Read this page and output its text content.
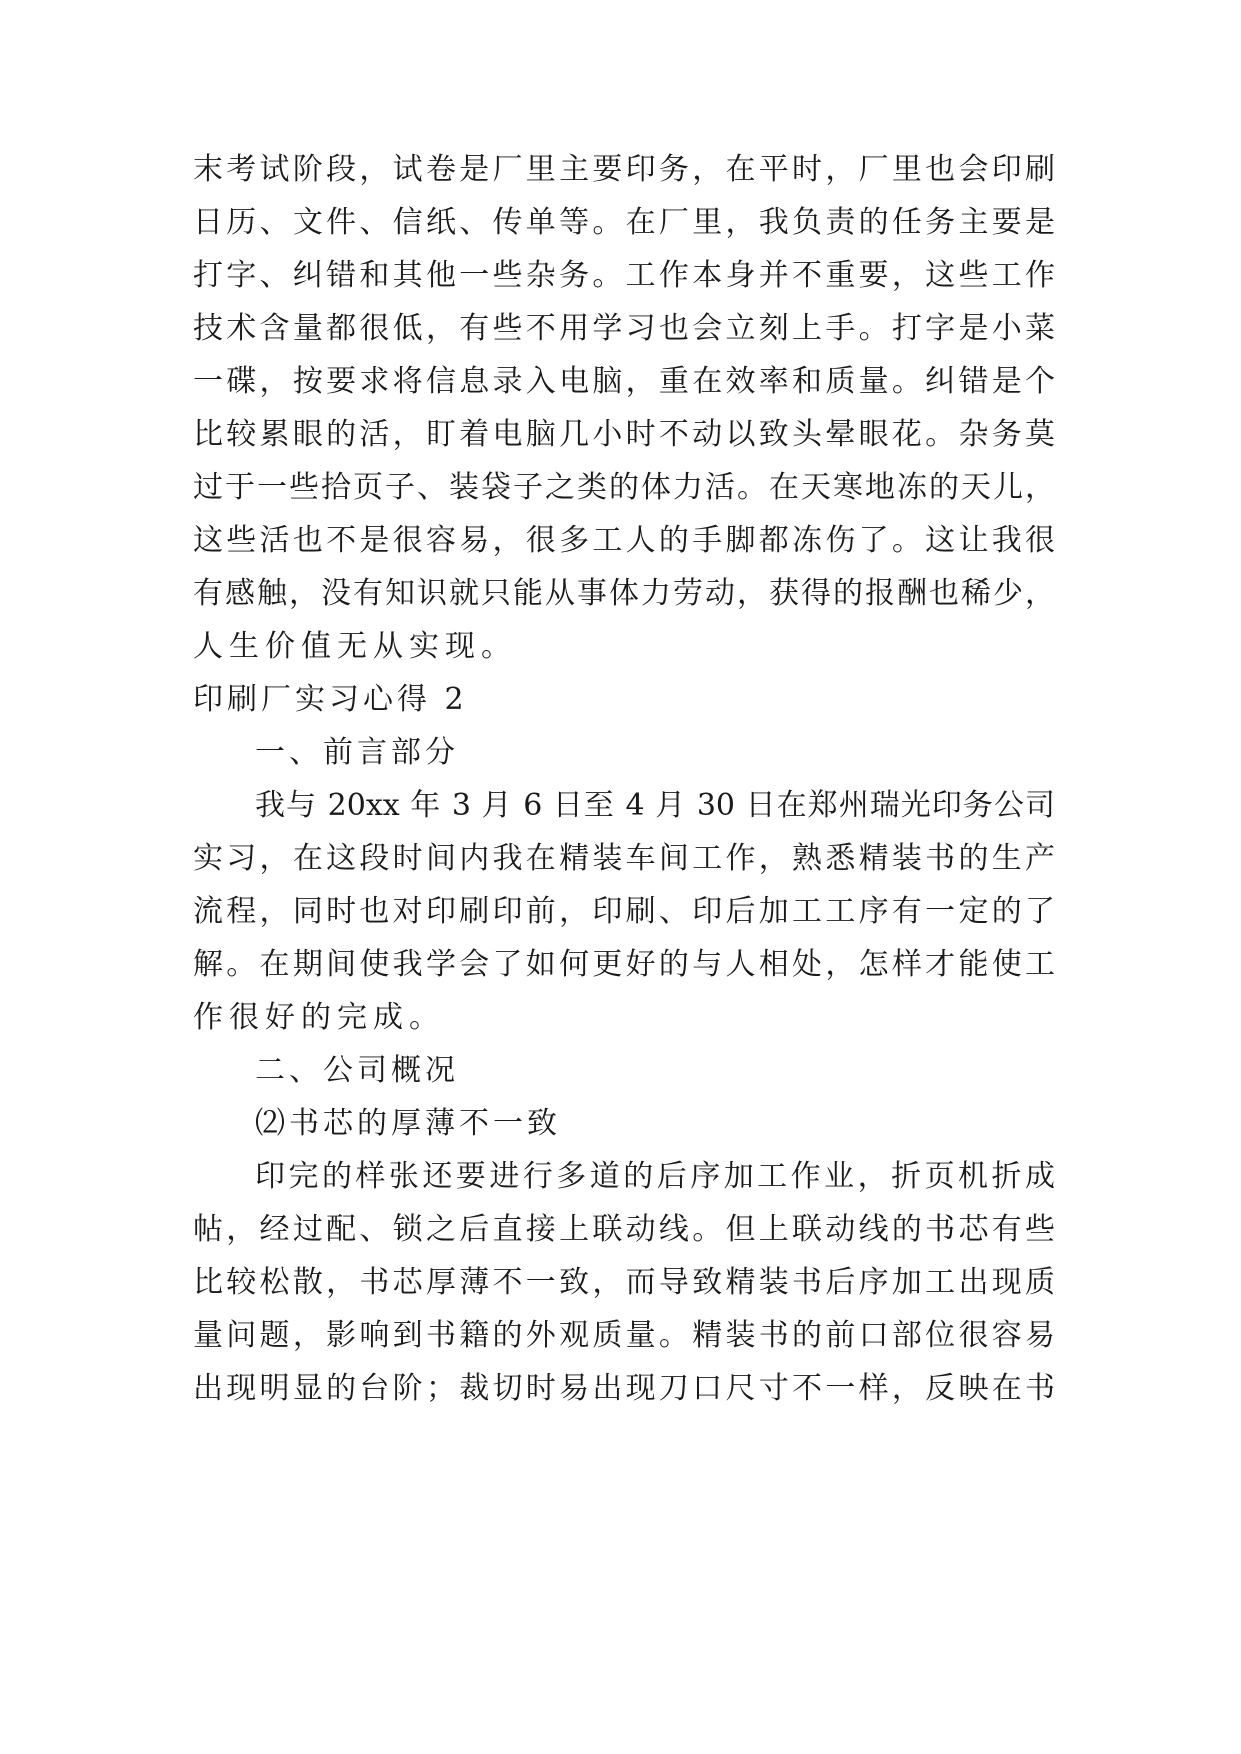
末考试阶段，试卷是厂里主要印务，在平时，厂里也会印刷
日历、文件、信纸、传单等。在厂里，我负责的任务主要是
打字、纠错和其他一些杂务。工作本身并不重要，这些工作
技术含量都很低，有些不用学习也会立刻上手。打字是小菜
一碟，按要求将信息录入电脑，重在效率和质量。纠错是个
比较累眼的活，盯着电脑几小时不动以致头晕眼花。杂务莫
过于一些拾页子、装袋子之类的体力活。在天寒地冻的天儿，
这些活也不是很容易，很多工人的手脚都冻伤了。这让我很
有感触，没有知识就只能从事体力劳动，获得的报酬也稀少，
人生价值无从实现。
印刷厂实习心得 2
一、前言部分
我与 20xx 年 3 月 6 日至 4 月 30 日在郑州瑞光印务公司
实习，在这段时间内我在精装车间工作，熟悉精装书的生产
流程，同时也对印刷印前，印刷、印后加工工序有一定的了
解。在期间使我学会了如何更好的与人相处，怎样才能使工
作很好的完成。
二、公司概况
⑵书芯的厚薄不一致
印完的样张还要进行多道的后序加工作业，折页机折成
帖，经过配、锁之后直接上联动线。但上联动线的书芯有些
比较松散，书芯厚薄不一致，而导致精装书后序加工出现质
量问题，影响到书籍的外观质量。精装书的前口部位很容易
出现明显的台阶；裁切时易出现刀口尺寸不一样，反映在书
